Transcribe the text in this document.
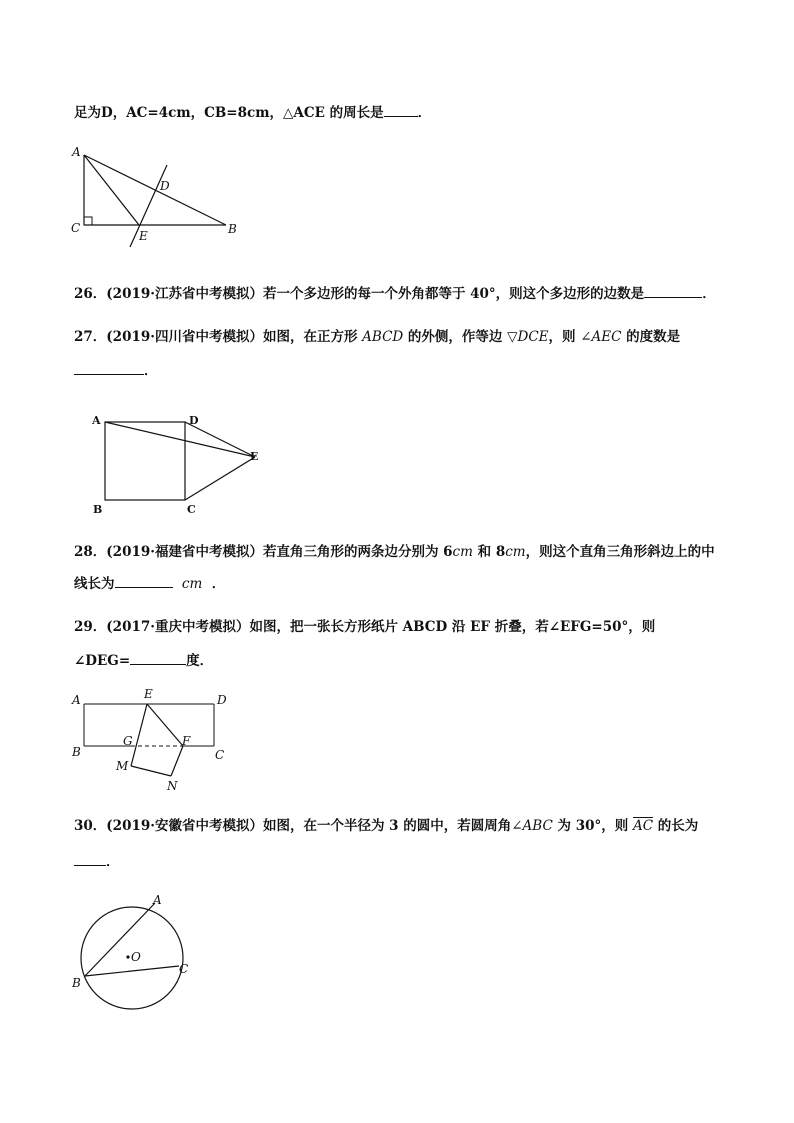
足为D，AC=4cm，CB=8cm，△ACE 的周长是	．
A
C
D
E	B
26．(2019·江苏省中考模拟）若一个多边形的每一个外角都等于 40°，则这个多边形的边数是	．
27．(2019·四川省中考模拟）如图，在正方形 ABCD 的外侧，作等边 ▽DCE，则 ∠AEC 的度数是
．
A	D
E
B	C
28．(2019·福建省中考模拟）若直角三角形的两条边分别为 6cm 和 8cm，则这个直角三角形斜边上的中
线长为	cm ．
29．(2017·重庆中考模拟）如图，把一张长方形纸片 ABCD 沿 EF 折叠，若∠EFG=50°，则
∠DEG=	度．
A	E	D
B
G	F
C
M
N
30．(2019·安徽省中考模拟）如图，在一个半径为 3 的圆中，若圆周角∠ABC 为 30°，则 $\overline{AC}$ 的长为
．
A
O
C
B
